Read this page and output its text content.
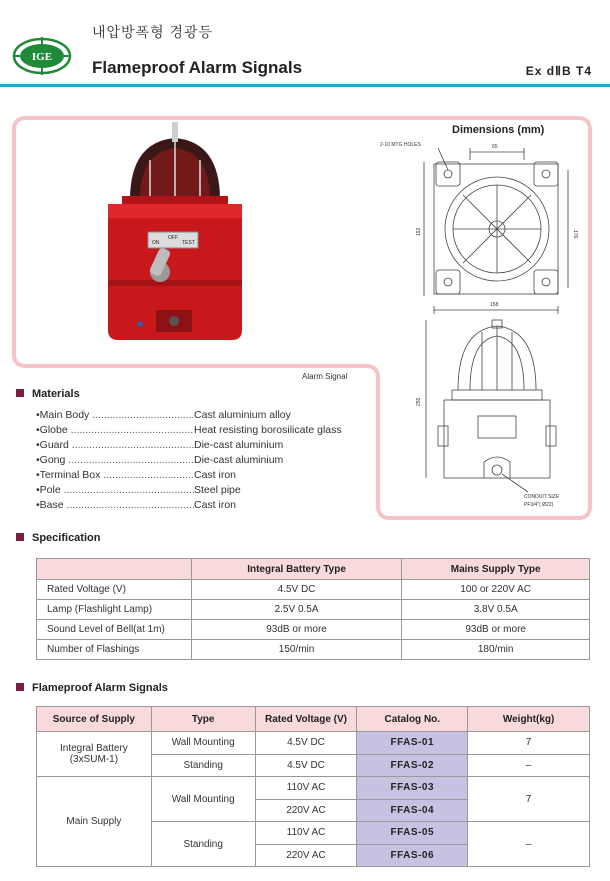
IGE
내압방폭형 경광등
Flameproof Alarm Signals	Ex dⅡB T4
ON
OFF
TEST
Alarm Signal
Dimensions (mm)
2-10 MTG HOLES	65
192	176
158
255
CONDUIT SIZE
PF3/4"( Ø22)
Materials
•Main Body .....	Cast aluminium alloy
•Globe .....	Heat resisting borosilicate glass
•Guard .....	Die-cast aluminium
•Gong .....	Die-cast aluminium
•Terminal Box .....	Cast iron
•Pole .....	Steel pipe
•Base .....	Cast iron
Specification
	Integral Battery Type	Mains Supply Type
Rated Voltage (V)	4.5V DC	100 or 220V AC
Lamp (Flashlight Lamp)	2.5V 0.5A	3.8V 0.5A
Sound Level of Bell(at 1m)	93dB or more	93dB or more
Number of Flashings	150/min	180/min
Flameproof Alarm Signals
Source of Supply	Type	Rated Voltage (V)	Catalog No.	Weight(kg)

Integral Battery
(3xSUM-1)	Wall Mounting	4.5V DC	FFAS-01	7
	Standing	4.5V DC	FFAS-02	–
Main Supply	Wall Mounting	110V AC	FFAS-03	7
		220V AC	FFAS-04	
	Standing	110V AC	FFAS-05	–
		220V AC	FFAS-06	
